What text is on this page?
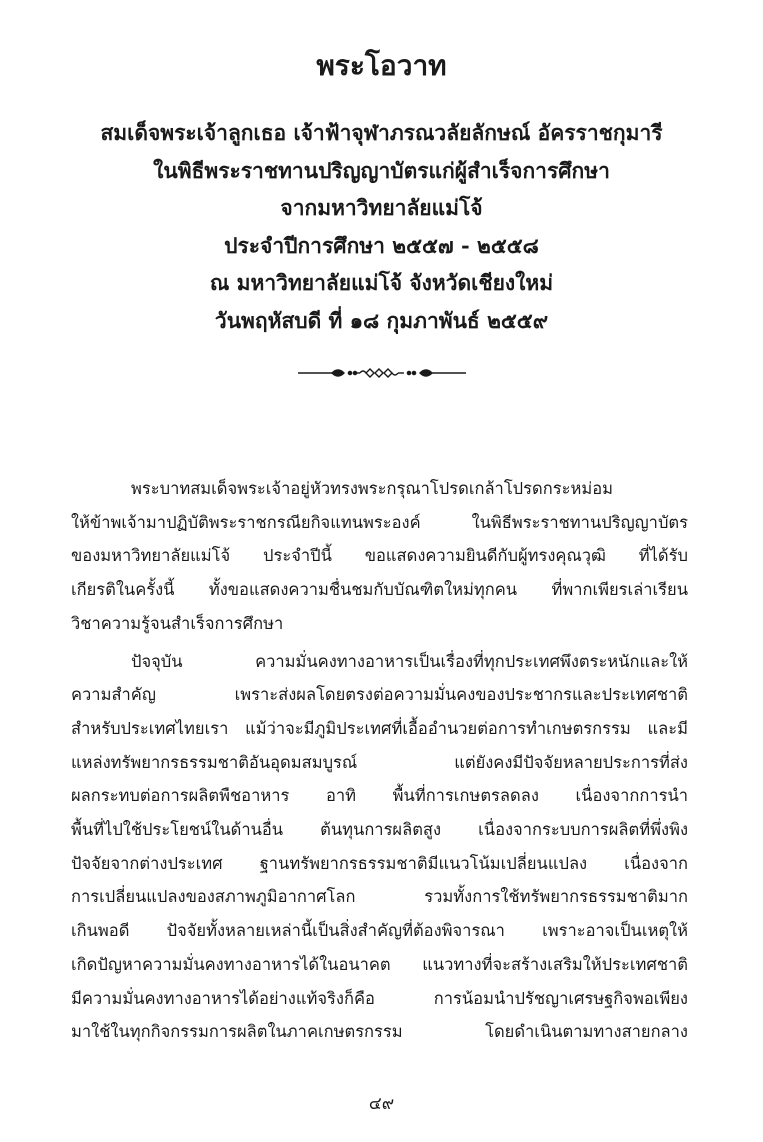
พระโอวาท
สมเด็จพระเจ้าลูกเธอ เจ้าฟ้าจุฬาภรณวลัยลักษณ์ อัครราชกุมารี
ในพิธีพระราชทานปริญญาบัตรแก่ผู้สำเร็จการศึกษา
จากมหาวิทยาลัยแม่โจ้
ประจำปีการศึกษา ๒๕๕๗ - ๒๕๕๘
ณ มหาวิทยาลัยแม่โจ้ จังหวัดเชียงใหม่
วันพฤหัสบดี ที่ ๑๘ กุมภาพันธ์ ๒๕๕๙
พระบาทสมเด็จพระเจ้าอยู่หัวทรงพระกรุณาโปรดเกล้าโปรดกระหม่อม
ให้ข้าพเจ้ามาปฏิบัติพระราชกรณียกิจแทนพระองค์ ในพิธีพระราชทานปริญญาบัตร
ของมหาวิทยาลัยแม่โจ้ ประจำปีนี้ ขอแสดงความยินดีกับผู้ทรงคุณวุฒิ ที่ได้รับ
เกียรติในครั้งนี้ ทั้งขอแสดงความชื่นชมกับบัณฑิตใหม่ทุกคน ที่พากเพียรเล่าเรียน
วิชาความรู้จนสำเร็จการศึกษา
ปัจจุบัน ความมั่นคงทางอาหารเป็นเรื่องที่ทุกประเทศพึงตระหนักและให้
ความสำคัญ เพราะส่งผลโดยตรงต่อความมั่นคงของประชากรและประเทศชาติ
สำหรับประเทศไทยเรา แม้ว่าจะมีภูมิประเทศที่เอื้ออำนวยต่อการทำเกษตรกรรม และมี
แหล่งทรัพยากรธรรมชาติอันอุดมสมบูรณ์ แต่ยังคงมีปัจจัยหลายประการที่ส่ง
ผลกระทบต่อการผลิตพืชอาหาร อาทิ พื้นที่การเกษตรลดลง เนื่องจากการนำ
พื้นที่ไปใช้ประโยชน์ในด้านอื่น ต้นทุนการผลิตสูง เนื่องจากระบบการผลิตที่พึ่งพิง
ปัจจัยจากต่างประเทศ ฐานทรัพยากรธรรมชาติมีแนวโน้มเปลี่ยนแปลง เนื่องจาก
การเปลี่ยนแปลงของสภาพภูมิอากาศโลก รวมทั้งการใช้ทรัพยากรธรรมชาติมาก
เกินพอดี ปัจจัยทั้งหลายเหล่านี้เป็นสิ่งสำคัญที่ต้องพิจารณา เพราะอาจเป็นเหตุให้
เกิดปัญหาความมั่นคงทางอาหารได้ในอนาคต แนวทางที่จะสร้างเสริมให้ประเทศชาติ
มีความมั่นคงทางอาหารได้อย่างแท้จริงก็คือ การน้อมนำปรัชญาเศรษฐกิจพอเพียง
มาใช้ในทุกกิจกรรมการผลิตในภาคเกษตรกรรม โดยดำเนินตามทางสายกลาง
๔๙
